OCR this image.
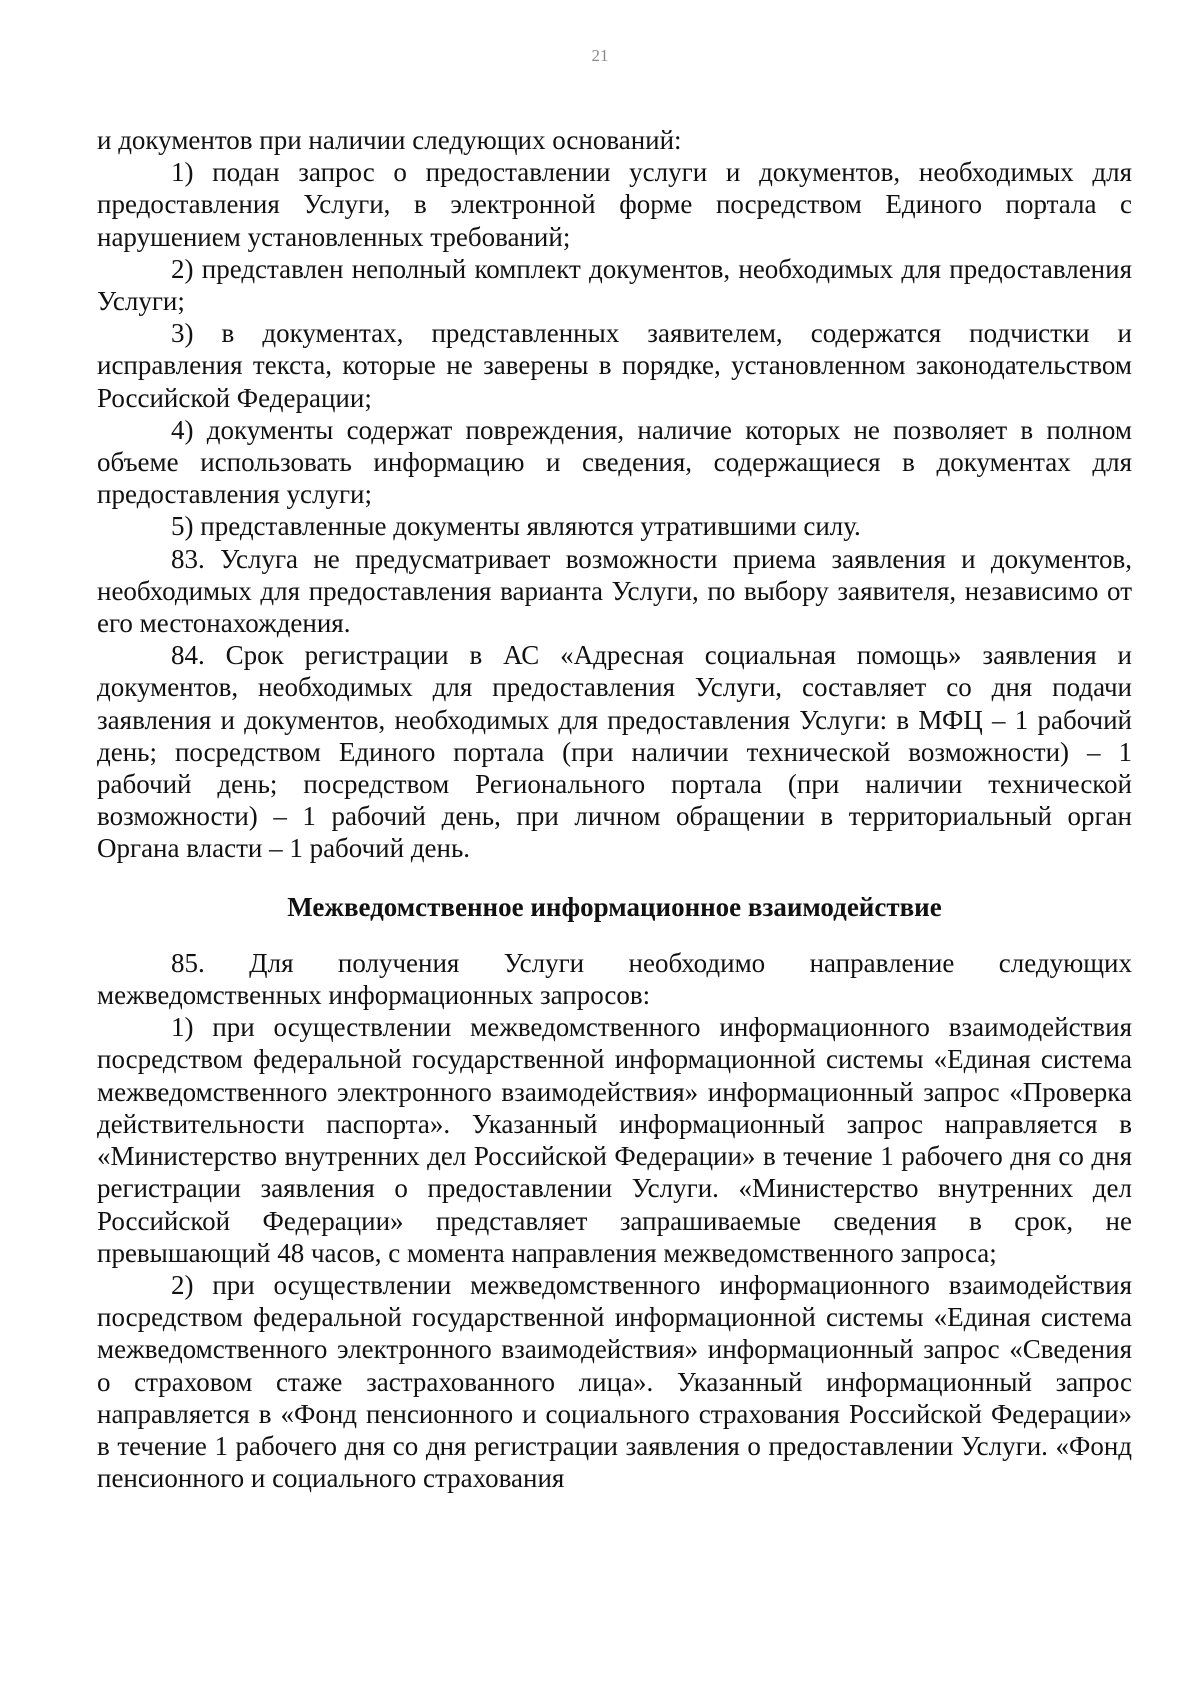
21

и документов при наличии следующих оснований:

1) подан запрос о предоставлении услуги и документов, необходимых для предоставления Услуги, в электронной форме посредством Единого портала с нарушением установленных требований;

2) представлен неполный комплект документов, необходимых для предоставления Услуги;

3) в документах, представленных заявителем, содержатся подчистки и исправления текста, которые не заверены в порядке, установленном законодательством Российской Федерации;

4) документы содержат повреждения, наличие которых не позволяет в полном объеме использовать информацию и сведения, содержащиеся в документах для предоставления услуги;

5) представленные документы являются утратившими силу.

83. Услуга не предусматривает возможности приема заявления и документов, необходимых для предоставления варианта Услуги, по выбору заявителя, независимо от его местонахождения.

84. Срок регистрации в АС «Адресная социальная помощь» заявления и документов, необходимых для предоставления Услуги, составляет со дня подачи заявления и документов, необходимых для предоставления Услуги: в МФЦ – 1 рабочий день; посредством Единого портала (при наличии технической возможности) – 1 рабочий день; посредством Регионального портала (при наличии технической возможности) – 1 рабочий день, при личном обращении в территориальный орган Органа власти – 1 рабочий день.

Межведомственное информационное взаимодействие

85. Для получения Услуги необходимо направление следующих межведомственных информационных запросов:

1) при осуществлении межведомственного информационного взаимодействия посредством федеральной государственной информационной системы «Единая система межведомственного электронного взаимодействия» информационный запрос «Проверка действительности паспорта». Указанный информационный запрос направляется в «Министерство внутренних дел Российской Федерации» в течение 1 рабочего дня со дня регистрации заявления о предоставлении Услуги. «Министерство внутренних дел Российской Федерации» представляет запрашиваемые сведения в срок, не превышающий 48 часов, с момента направления межведомственного запроса;

2) при осуществлении межведомственного информационного взаимодействия посредством федеральной государственной информационной системы «Единая система межведомственного электронного взаимодействия» информационный запрос «Сведения о страховом стаже застрахованного лица». Указанный информационный запрос направляется в «Фонд пенсионного и социального страхования Российской Федерации» в течение 1 рабочего дня со дня регистрации заявления о предоставлении Услуги. «Фонд пенсионного и социального страхования
